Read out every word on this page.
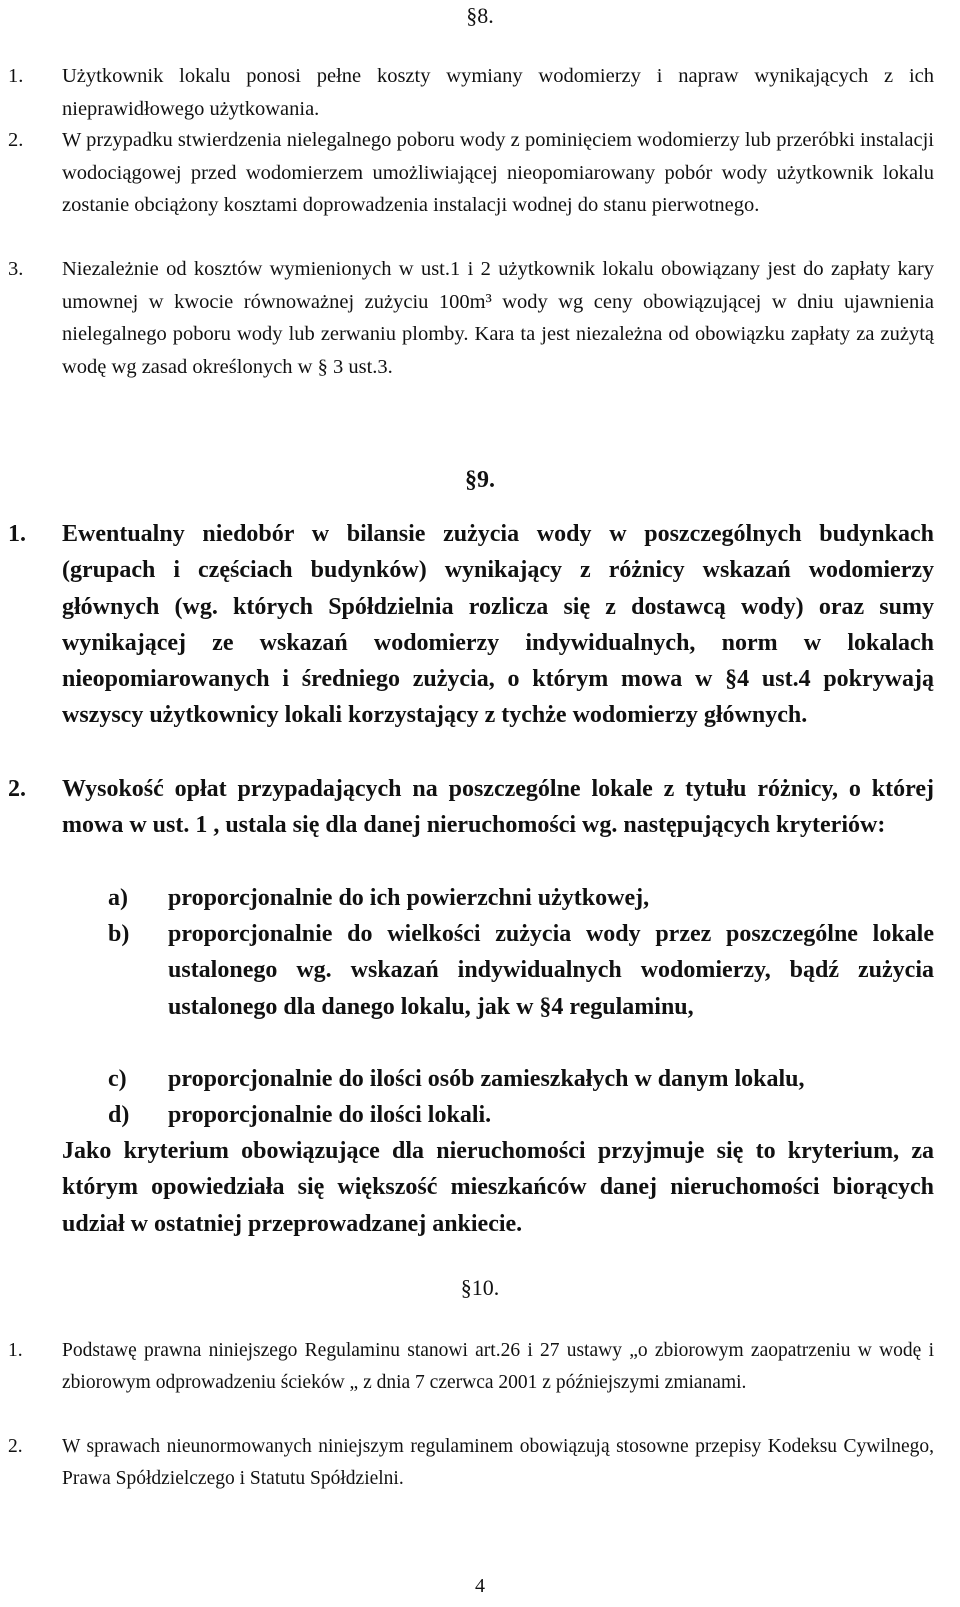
§8.
1. Użytkownik lokalu ponosi pełne koszty wymiany wodomierzy i napraw wynikających z ich nieprawidłowego użytkowania.
2. W przypadku stwierdzenia nielegalnego poboru wody z pominięciem wodomierzy lub przeróbki instalacji wodociągowej przed wodomierzem umożliwiającej nieopomiarowany pobór wody użytkownik lokalu zostanie obciążony kosztami doprowadzenia instalacji wodnej do stanu pierwotnego.
3. Niezależnie od kosztów wymienionych w ust.1 i 2 użytkownik lokalu obowiązany jest do zapłaty kary umownej w kwocie równoważnej zużyciu 100m³ wody wg ceny obowiązującej w dniu ujawnienia nielegalnego poboru wody lub zerwaniu plomby. Kara ta jest niezależna od obowiązku zapłaty za zużytą wodę wg zasad określonych w § 3 ust.3.
§9.
1. Ewentualny niedobór w bilansie zużycia wody w poszczególnych budynkach (grupach i częściach budynków) wynikający z różnicy wskazań wodomierzy głównych (wg. których Spółdzielnia rozlicza się z dostawcą wody) oraz sumy wynikającej ze wskazań wodomierzy indywidualnych, norm w lokalach nieopomiarowanych i średniego zużycia, o którym mowa w §4 ust.4 pokrywają wszyscy użytkownicy lokali korzystający z tychże wodomierzy głównych.
2. Wysokość opłat przypadających na poszczególne lokale z tytułu różnicy, o której mowa w ust. 1 , ustala się dla danej nieruchomości wg. następujących kryteriów:
a) proporcjonalnie do ich powierzchni użytkowej,
b) proporcjonalnie do wielkości zużycia wody przez poszczególne lokale ustalonego wg. wskazań indywidualnych wodomierzy, bądź zużycia ustalonego dla danego lokalu, jak w §4 regulaminu,
c) proporcjonalnie do ilości osób zamieszkałych w danym lokalu,
d) proporcjonalnie do ilości lokali.
Jako kryterium obowiązujące dla nieruchomości przyjmuje się to kryterium, za którym opowiedziała się większość mieszkańców danej nieruchomości biorących udział w ostatniej przeprowadzanej ankiecie.
§10.
1. Podstawę prawna niniejszego Regulaminu stanowi art.26 i 27 ustawy „o zbiorowym zaopatrzeniu w wodę i zbiorowym odprowadzeniu ścieków „ z dnia 7 czerwca 2001 z późniejszymi zmianami.
2. W sprawach nieunormowanych niniejszym regulaminem obowiązują stosowne przepisy Kodeksu Cywilnego, Prawa Spółdzielczego i Statutu Spółdzielni.
4
